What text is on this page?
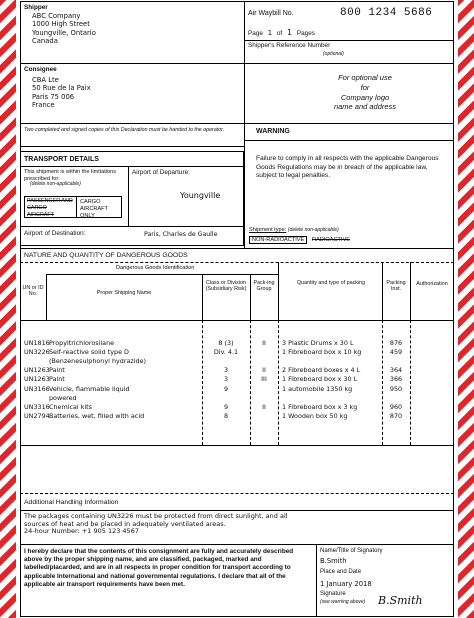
Shipper
ABC Company
1000 High Street
Youngville, Ontario
Canada
Air Waybill No.	800 1234 5686
Page 1 of 1 Pages
Shipper's Reference Number
(optional)
Consignee
CBA Lte
50 Rue de la Paix
Paris 75 006
France
For optional use
for
Company logo
name and address
Two completed and signed copies of this Declaration must be handed to the operator.	WARNING
Failure to comply in all respects with the applicable Dangerous Goods Regulations may be in breach of the applicable law, subject to legal penalties.
TRANSPORT DETAILS
This shipment is within the limitations prescribed for:
(delete non-applicable)
PASSENGER AND CARGO AIRCRAFT
CARGO AIRCRAFT ONLY
Airport of Departure:
Youngville
Airport of Destination:	Paris, Charles de Gaulle
Shipment type: (delete non-applicable)
NON-RADIOACTIVE	RADIOACTIVE
NATURE AND QUANTITY OF DANGEROUS GOODS
Dangerous Goods Identification
UN or ID No.	Proper Shipping Name
Class or Division (Subsidiary Risk)
Pack-ing Group
Quantity and type of packing	Packing Inst.
Authorization
UN1816 Propyltrichlorosilane	8 (3)	II	3 Plastic Drums x 30 L	876
UN3226 Self-reactive solid type D	Div. 4.1	1 Fibreboard box x 10 kg	459
(Benzenesulphonyl hydrazide)
UN1263 Paint	3	II	2 Fibreboard boxes x 4 L	364
UN1263 Paint	3	III	1 Fibreboard box x 30 L	366
UN3166 Vehicle, flammable liquid	9	1 automobile 1350 kg	950
powered
UN3316 Chemical kits	9	II	1 Fibreboard box x 3 kg	960
UN2794 Batteries, wet, filled with acid	8	1 Wooden box 50 kg	870
Additional Handling Information
The packages containing UN3226 must be protected from direct sunlight, and all
sources of heat and be placed in adequately ventilated areas.
24-hour Number: +1 905 123 4567
I hereby declare that the contents of this consignment are fully and accurately described above by the proper shipping name, and are classified, packaged, marked and labelled/placarded, and are in all respects in proper condition for transport according to applicable International and national governmental regulations. I declare that all of the applicable air transport requirements have been met.
Name/Title of Signatory
B.Smith
Place and Date
1 January 2018
Signature
(see warning above) B.Smith
